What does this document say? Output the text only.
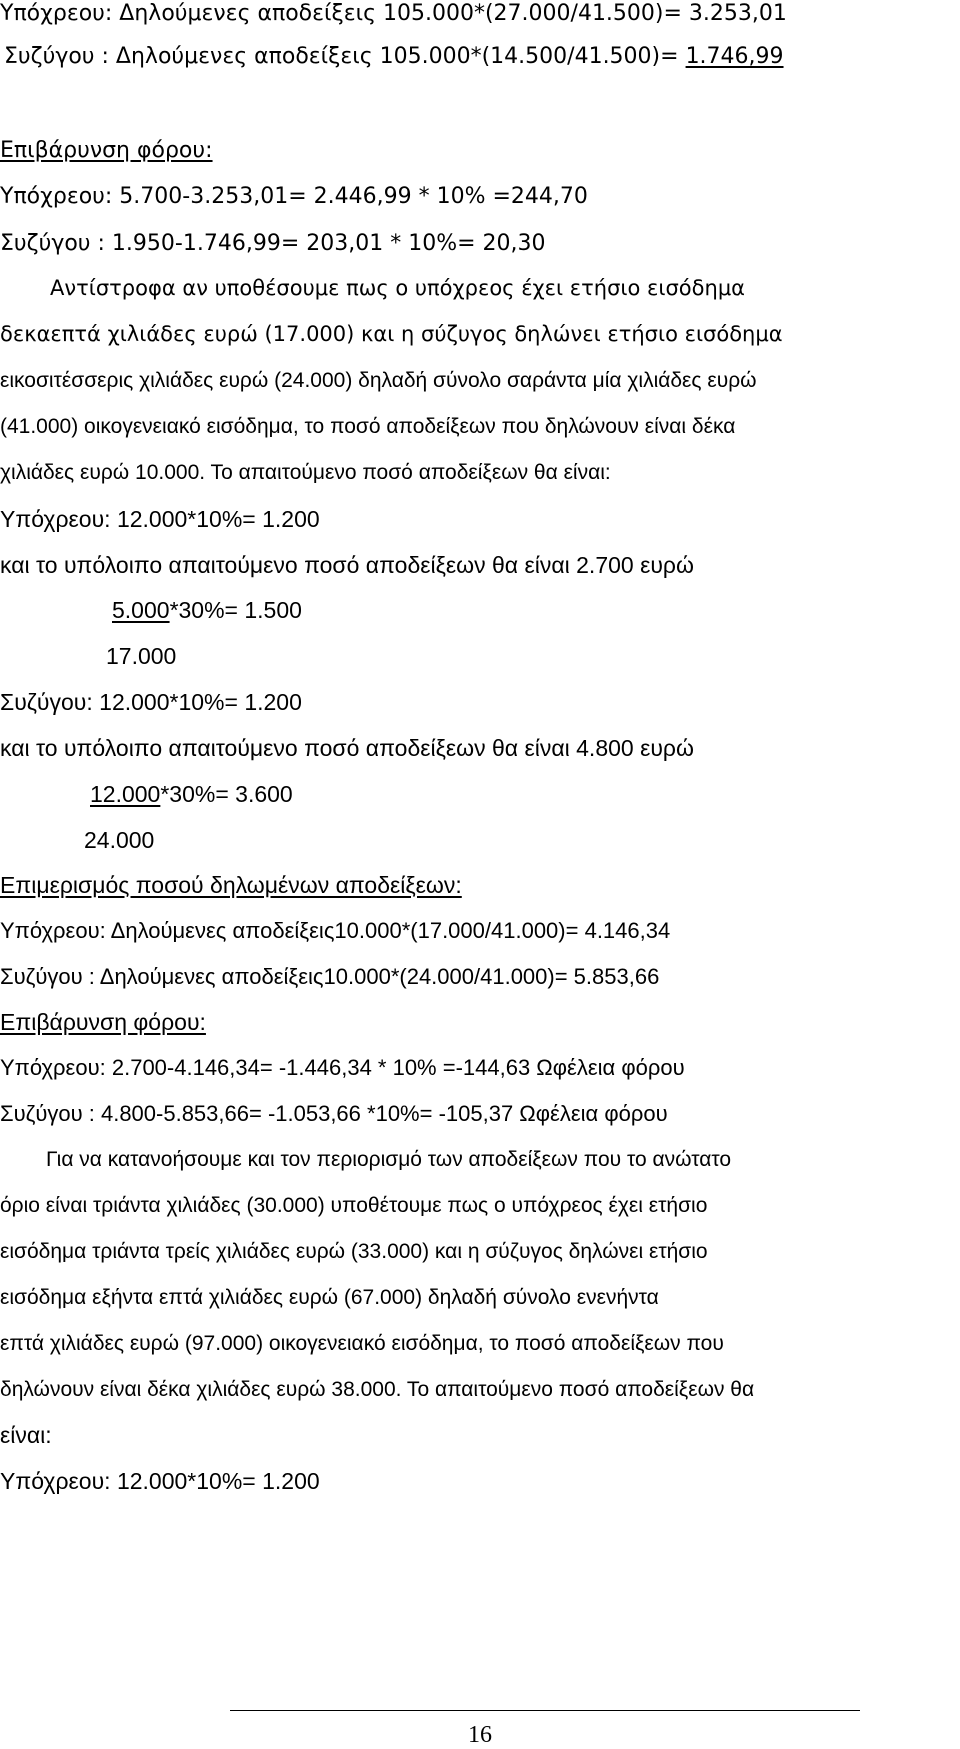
Υπόχρεου: Δηλούμενες αποδείξεις 105.000*(27.000/41.500)= 3.253,01
Συζύγου : Δηλούμενες αποδείξεις 105.000*(14.500/41.500)= 1.746,99
Επιβάρυνση φόρου:
Υπόχρεου: 5.700-3.253,01= 2.446,99 * 10% =244,70
Συζύγου : 1.950-1.746,99= 203,01 * 10%= 20,30
Αντίστροφα αν υποθέσουμε πως ο υπόχρεος έχει ετήσιο εισόδημα
δεκαεπτά χιλιάδες ευρώ (17.000) και η σύζυγος δηλώνει ετήσιο εισόδημα
εικοσιτέσσερις χιλιάδες ευρώ (24.000) δηλαδή σύνολο σαράντα μία χιλιάδες ευρώ
(41.000) οικογενειακό εισόδημα, το ποσό αποδείξεων που δηλώνουν είναι δέκα
χιλιάδες ευρώ 10.000. Το απαιτούμενο ποσό αποδείξεων θα είναι:
Υπόχρεου: 12.000*10%= 1.200
και το υπόλοιπο απαιτούμενο ποσό αποδείξεων θα είναι 2.700 ευρώ
5.000*30%= 1.500
17.000
Συζύγου: 12.000*10%= 1.200
και το υπόλοιπο απαιτούμενο ποσό αποδείξεων θα είναι 4.800 ευρώ
12.000*30%= 3.600
24.000
Επιμερισμός ποσού δηλωμένων αποδείξεων:
Υπόχρεου: Δηλούμενες αποδείξεις10.000*(17.000/41.000)= 4.146,34
Συζύγου : Δηλούμενες αποδείξεις10.000*(24.000/41.000)= 5.853,66
Επιβάρυνση φόρου:
Υπόχρεου: 2.700-4.146,34= -1.446,34 * 10% =-144,63 Ωφέλεια φόρου
Συζύγου : 4.800-5.853,66= -1.053,66 *10%= -105,37 Ωφέλεια φόρου
Για να κατανοήσουμε και τον περιορισμό των αποδείξεων που το ανώτατο
όριο είναι τριάντα χιλιάδες (30.000) υποθέτουμε πως ο υπόχρεος έχει ετήσιο
εισόδημα τριάντα τρείς χιλιάδες ευρώ (33.000) και η σύζυγος δηλώνει ετήσιο
εισόδημα εξήντα επτά χιλιάδες ευρώ (67.000) δηλαδή σύνολο ενενήντα
επτά χιλιάδες ευρώ (97.000) οικογενειακό εισόδημα, το ποσό αποδείξεων που
δηλώνουν είναι δέκα χιλιάδες ευρώ 38.000. Το απαιτούμενο ποσό αποδείξεων θα
είναι:
Υπόχρεου: 12.000*10%= 1.200
16
